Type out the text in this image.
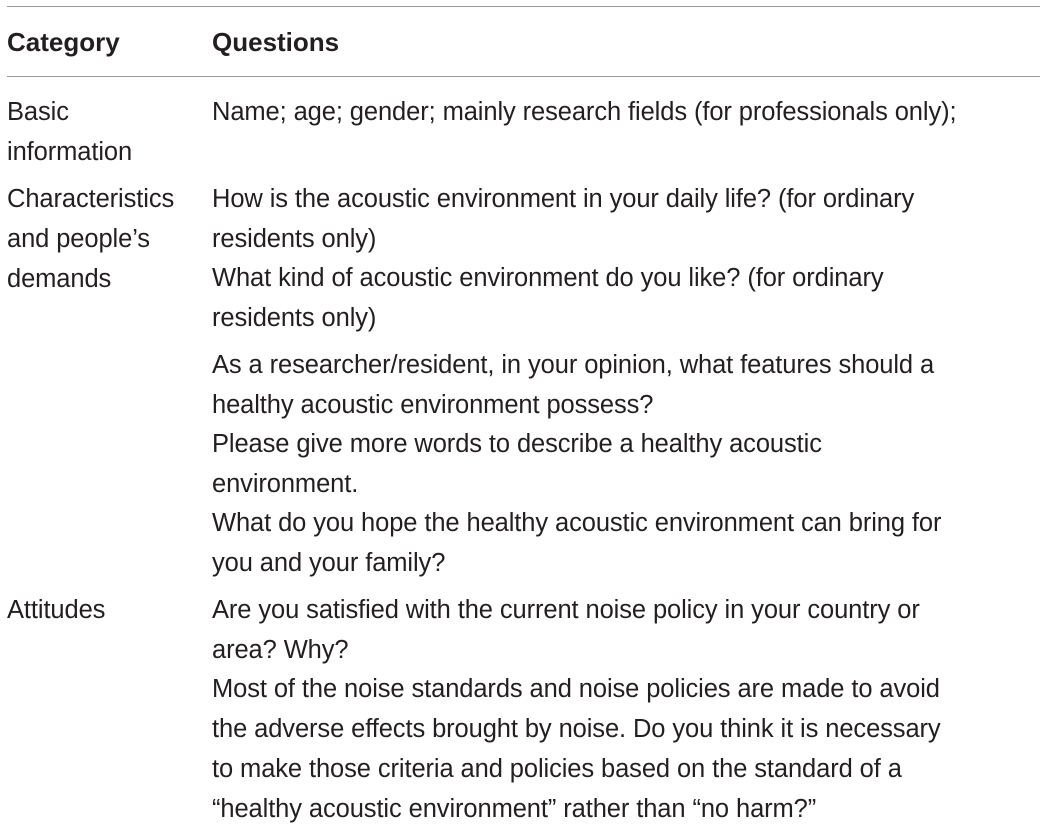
Category	Questions
Basic
information
Name; age; gender; mainly research fields (for professionals only);
Characteristics
and people’s
demands
How is the acoustic environment in your daily life? (for ordinary
residents only)
What kind of acoustic environment do you like? (for ordinary
residents only)
As a researcher/resident, in your opinion, what features should a
healthy acoustic environment possess?
Please give more words to describe a healthy acoustic
environment.
What do you hope the healthy acoustic environment can bring for
you and your family?
Attitudes	Are you satisfied with the current noise policy in your country or
area? Why?
Most of the noise standards and noise policies are made to avoid
the adverse effects brought by noise. Do you think it is necessary
to make those criteria and policies based on the standard of a
“healthy acoustic environment” rather than “no harm?”
